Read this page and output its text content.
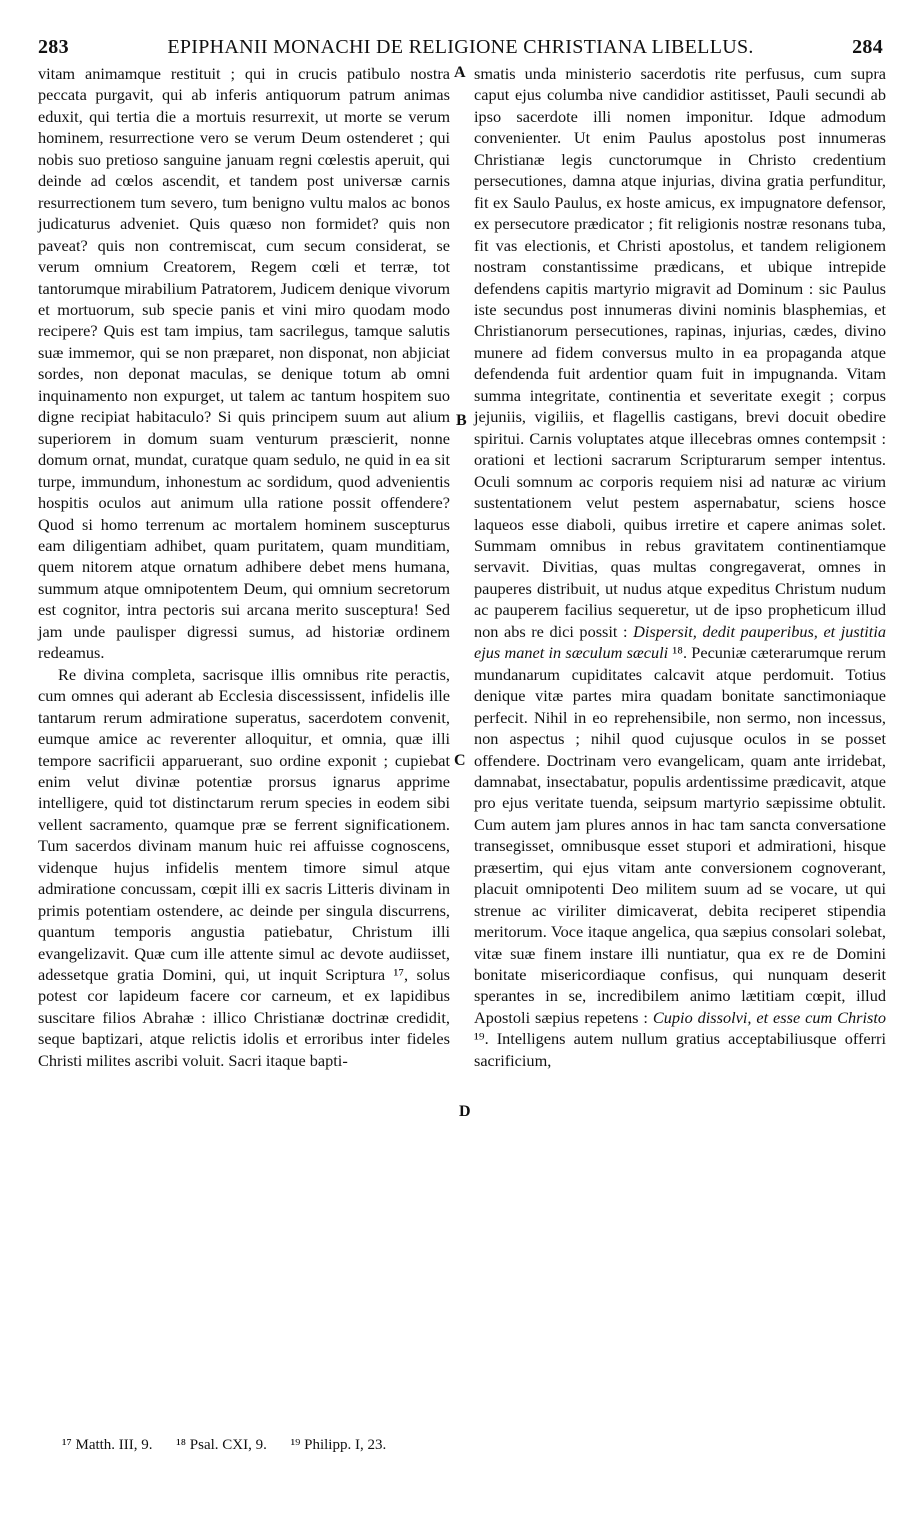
283	EPIPHANII MONACHI DE RELIGIONE CHRISTIANA LIBELLUS.	284

vitam animamque restituit ; qui in crucis patibulo nostra peccata purgavit, qui ab inferis antiquorum patrum animas eduxit, qui tertia die a mortuis resurrexit, ut morte se verum hominem, resurrectione vero se verum Deum ostenderet ; qui nobis suo pretioso sanguine januam regni cœlestis aperuit, qui deinde ad cœlos ascendit, et tandem post universæ carnis resurrectionem tum severo, tum benigno vultu malos ac bonos judicaturus adveniet. Quis quæso non formidet? quis non paveat? quis non contremiscat, cum secum considerat, se verum omnium Creatorem, Regem cœli et terræ, tot tantorumque mirabilium Patratorem, Judicem denique vivorum et mortuorum, sub specie panis et vini miro quodam modo recipere? Quis est tam impius, tam sacrilegus, tamque salutis suæ immemor, qui se non præparet, non disponat, non abjiciat sordes, non deponat maculas, se denique totum ab omni inquinamento non expurget, ut talem ac tantum hospitem suo digne recipiat habitaculo? Si quis principem suum aut alium superiorem in domum suam venturum præscierit, nonne domum ornat, mundat, curatque quam sedulo, ne quid in ea sit turpe, immundum, inhonestum ac sordidum, quod advenientis hospitis oculos aut animum ulla ratione possit offendere? Quod si homo terrenum ac mortalem hominem suscepturus eam diligentiam adhibet, quam puritatem, quam munditiam, quem nitorem atque ornatum adhibere debet mens humana, summum atque omnipotentem Deum, qui omnium secretorum est cognitor, intra pectoris sui arcana merito susceptura! Sed jam unde paulisper digressi sumus, ad historiæ ordinem redeamus.

Re divina completa, sacrisque illis omnibus rite peractis, cum omnes qui aderant ab Ecclesia discessissent, infidelis ille tantarum rerum admiratione superatus, sacerdotem convenit, eumque amice ac reverenter alloquitur, et omnia, quæ illi tempore sacrificii apparuerant, suo ordine exponit ; cupiebat enim velut divinæ potentiæ prorsus ignarus apprime intelligere, quid tot distinctarum rerum species in eodem sibi vellent sacramento, quamque præ se ferrent significationem. Tum sacerdos divinam manum huic rei affuisse cognoscens, videnque hujus infidelis mentem timore simul atque admiratione concussam, cœpit illi ex sacris Litteris divinam in primis potentiam ostendere, ac deinde per singula discurrens, quantum temporis angustia patiebatur, Christum illi evangelizavit. Quæ cum ille attente simul ac devote audiisset, adessetque gratia Domini, qui, ut inquit Scriptura ¹⁷, solus potest cor lapideum facere cor carneum, et ex lapidibus suscitare filios Abrahæ : illico Christianæ doctrinæ credidit, seque baptizari, atque relictis idolis et erroribus inter fideles Christi milites ascribi voluit. Sacri itaque bapti-

smatis unda ministerio sacerdotis rite perfusus, cum supra caput ejus columba nive candidior astitisset, Pauli secundi ab ipso sacerdote illi nomen imponitur. Idque admodum convenienter. Ut enim Paulus apostolus post innumeras Christianæ legis cunctorumque in Christo credentium persecutiones, damna atque injurias, divina gratia perfunditur, fit ex Saulo Paulus, ex hoste amicus, ex impugnatore defensor, ex persecutore prædicator ; fit religionis nostræ resonans tuba, fit vas electionis, et Christi apostolus, et tandem religionem nostram constantissime prædicans, et ubique intrepide defendens capitis martyrio migravit ad Dominum : sic Paulus iste secundus post innumeras divini nominis blasphemias, et Christianorum persecutiones, rapinas, injurias, cædes, divino munere ad fidem conversus multo in ea propaganda atque defendenda fuit ardentior quam fuit in impugnanda. Vitam summa integritate, continentia et severitate exegit ; corpus jejuniis, vigiliis, et flagellis castigans, brevi docuit obedire spiritui. Carnis voluptates atque illecebras omnes contempsit : orationi et lectioni sacrarum Scripturarum semper intentus. Oculi somnum ac corporis requiem nisi ad naturæ ac virium sustentationem velut pestem aspernabatur, sciens hosce laqueos esse diaboli, quibus irretire et capere animas solet. Summam omnibus in rebus gravitatem continentiamque servavit. Divitias, quas multas congregaverat, omnes in pauperes distribuit, ut nudus atque expeditus Christum nudum ac pauperem facilius sequeretur, ut de ipso propheticum illud non abs re dici possit : Dispersit, dedit pauperibus, et justitia ejus manet in sæculum sæculi ¹⁸. Pecuniæ cæterarumque rerum mundanarum cupiditates calcavit atque perdomuit. Totius denique vitæ partes mira quadam bonitate sanctimoniaque perfecit. Nihil in eo reprehensibile, non sermo, non incessus, non aspectus ; nihil quod cujusque oculos in se posset offendere. Doctrinam vero evangelicam, quam ante irridebat, damnabat, insectabatur, populis ardentissime prædicavit, atque pro ejus veritate tuenda, seipsum martyrio sæpissime obtulit. Cum autem jam plures annos in hac tam sancta conversatione transegisset, omnibusque esset stupori et admirationi, hisque præsertim, qui ejus vitam ante conversionem cognoverant, placuit omnipotenti Deo militem suum ad se vocare, ut qui strenue ac viriliter dimicaverat, debita reciperet stipendia meritorum. Voce itaque angelica, qua sæpius consolari solebat, vitæ suæ finem instare illi nuntiatur, qua ex re de Domini bonitate misericordiaque confisus, qui nunquam deserit sperantes in se, incredibilem animo lætitiam cœpit, illud Apostoli sæpius repetens : Cupio dissolvi, et esse cum Christo ¹⁹. Intelligens autem nullum gratius acceptabiliusque offerri sacrificium,

A
B
C
D
¹⁷ Matth. III, 9. ¹⁸ Psal. CXI, 9. ¹⁹ Philipp. I, 23.
